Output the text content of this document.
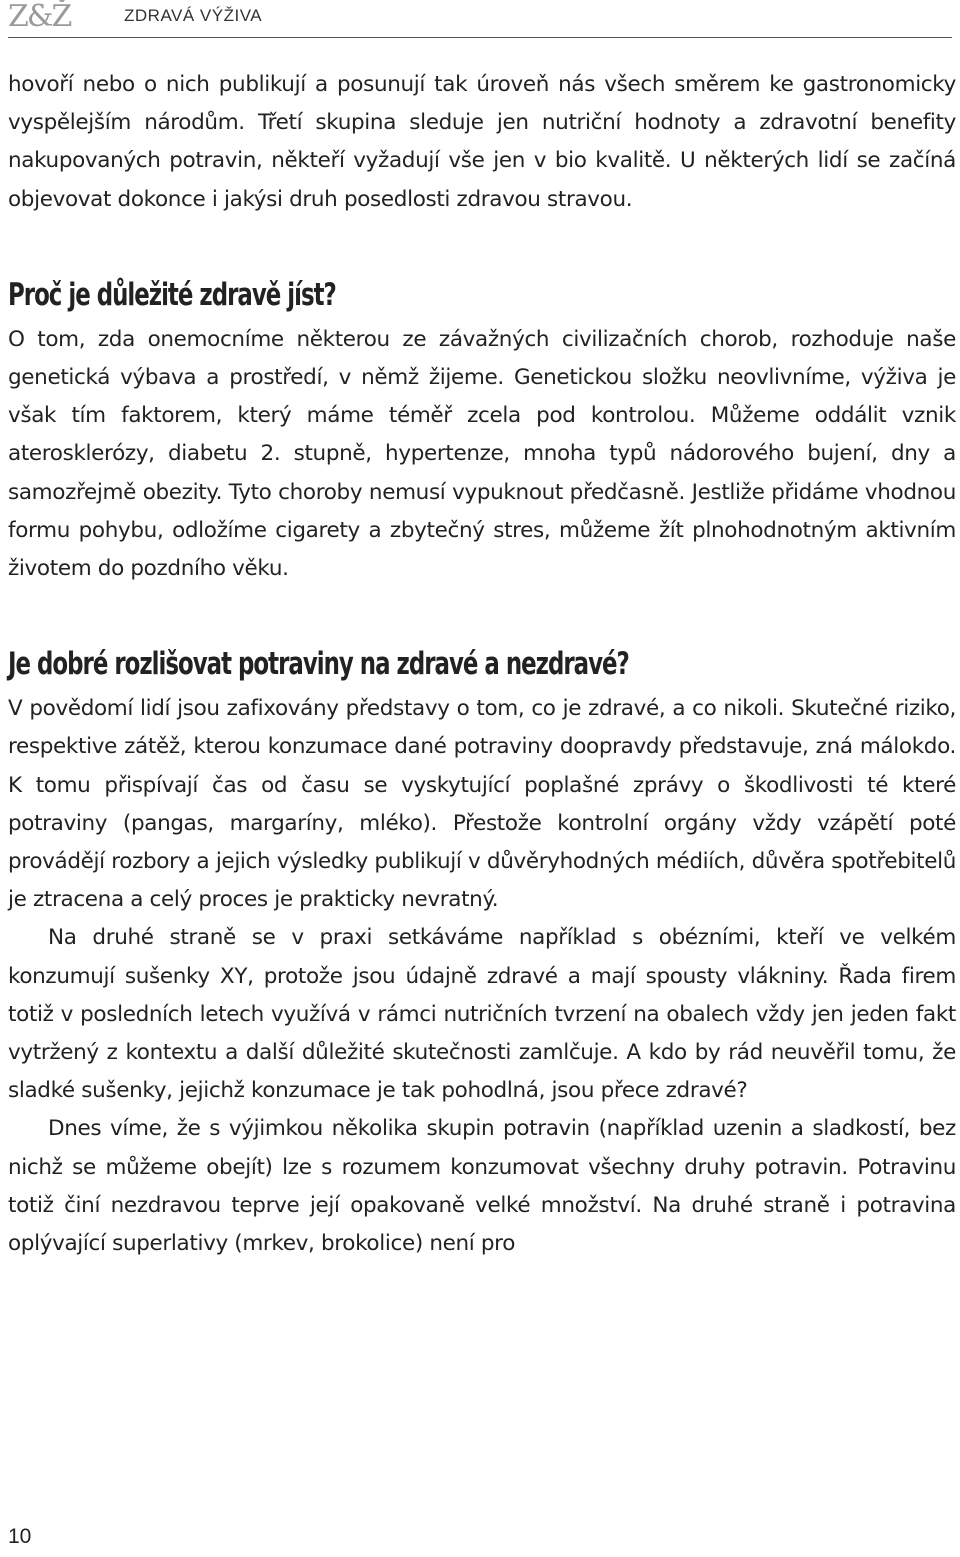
Z&Ž	ZDRAVÁ VÝŽIVA

hovoří nebo o nich publikují a posunují tak úroveň nás všech směrem ke gastronomicky vyspělejším národům. Třetí skupina sleduje jen nutriční hodnoty a zdravotní benefity nakupovaných potravin, někteří vyžadují vše jen v bio kvalitě. U některých lidí se začíná objevovat dokonce i jakýsi druh posedlosti zdravou stravou.

Proč je důležité zdravě jíst?

O tom, zda onemocníme některou ze závažných civilizačních chorob, rozhoduje naše genetická výbava a prostředí, v němž žijeme. Genetickou složku neovlivníme, výživa je však tím faktorem, který máme téměř zcela pod kontrolou. Můžeme oddálit vznik aterosklerózy, diabetu 2. stupně, hypertenze, mnoha typů nádorového bujení, dny a samozřejmě obezity. Tyto choroby nemusí vypuknout předčasně. Jestliže přidáme vhodnou formu pohybu, odložíme cigarety a zbytečný stres, můžeme žít plnohodnotným aktivním životem do pozdního věku.

Je dobré rozlišovat potraviny na zdravé a nezdravé?

V povědomí lidí jsou zafixovány představy o tom, co je zdravé, a co nikoli. Skutečné riziko, respektive zátěž, kterou konzumace dané potraviny doopravdy představuje, zná málokdo. K tomu přispívají čas od času se vyskytující poplašné zprávy o škodlivosti té které potraviny (pangas, margaríny, mléko). Přestože kontrolní orgány vždy vzápětí poté provádějí rozbory a jejich výsledky publikují v důvěryhodných médiích, důvěra spotřebitelů je ztracena a celý proces je prakticky nevratný.

Na druhé straně se v praxi setkáváme například s obézními, kteří ve velkém konzumují sušenky XY, protože jsou údajně zdravé a mají spousty vlákniny. Řada firem totiž v posledních letech využívá v rámci nutričních tvrzení na obalech vždy jen jeden fakt vytržený z kontextu a další důležité skutečnosti zamlčuje. A kdo by rád neuvěřil tomu, že sladké sušenky, jejichž konzumace je tak pohodlná, jsou přece zdravé?

Dnes víme, že s výjimkou několika skupin potravin (například uzenin a sladkostí, bez nichž se můžeme obejít) lze s rozumem konzumovat všechny druhy potravin. Potravinu totiž činí nezdravou teprve její opakovaně velké množství. Na druhé straně i potravina oplývající superlativy (mrkev, brokolice) není pro

10
